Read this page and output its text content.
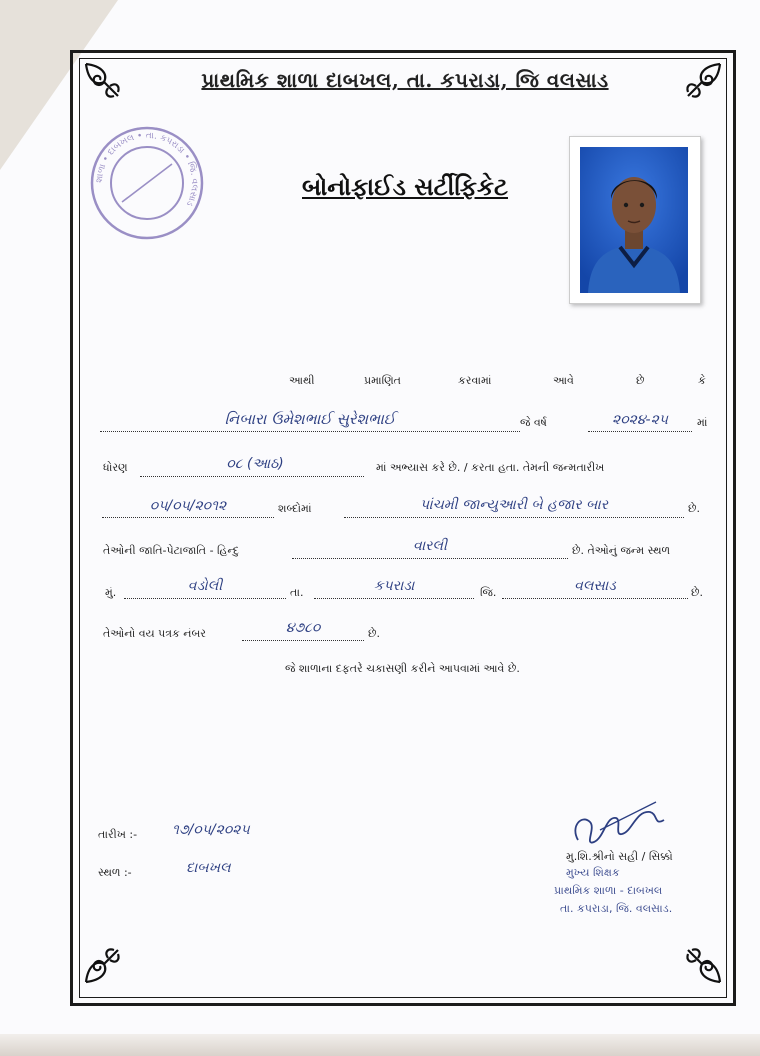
પ્રાથમિક શાળા દાબખલ, તા. કપરાડા, જિ વલસાડ
શાળા • દાબખલ • તા. કપરાડા • જિ. વલસાડ
બોનોફાઈડ સર્ટીફિકેટ
આથી	પ્રમાણિત	કરવામાં	આવે	છે	કે
નિબારા ઉમેશભાઈ સુરેશભાઈ	જે વર્ષ	૨૦૨૪-૨૫	માં
ધોરણ	૦૮ (આઠ)	માં અભ્યાસ કરે છે. / કરતા હતા. તેમની જન્મતારીખ
૦૫/૦૫/૨૦૧૨	શબ્દોમાં	પાંચમી જાન્યુઆરી બે હજાર બાર	છે.
તેઓની જાતિ-પેટાજાતિ - હિન્દુ	વારલી	છે. તેઓનું જન્મ સ્થળ
મું.	વડોલી	તા.	કપરાડા	જિ.	વલસાડ	છે.
તેઓનો વય પત્રક નંબર	૪૭૮૦	છે.
જે શાળાના દફતરે ચકાસણી કરીને આપવામાં આવે છે.
તારીખ :- ૧૭/૦૫/૨૦૨૫
સ્થળ :-	દાબખલ
મુ.શિ.શ્રીનો સહી / સિક્કો
મુખ્ય શિક્ષક
પ્રાથમિક શાળા - દાબખલ
તા. કપરાડા, જિ. વલસાડ.
